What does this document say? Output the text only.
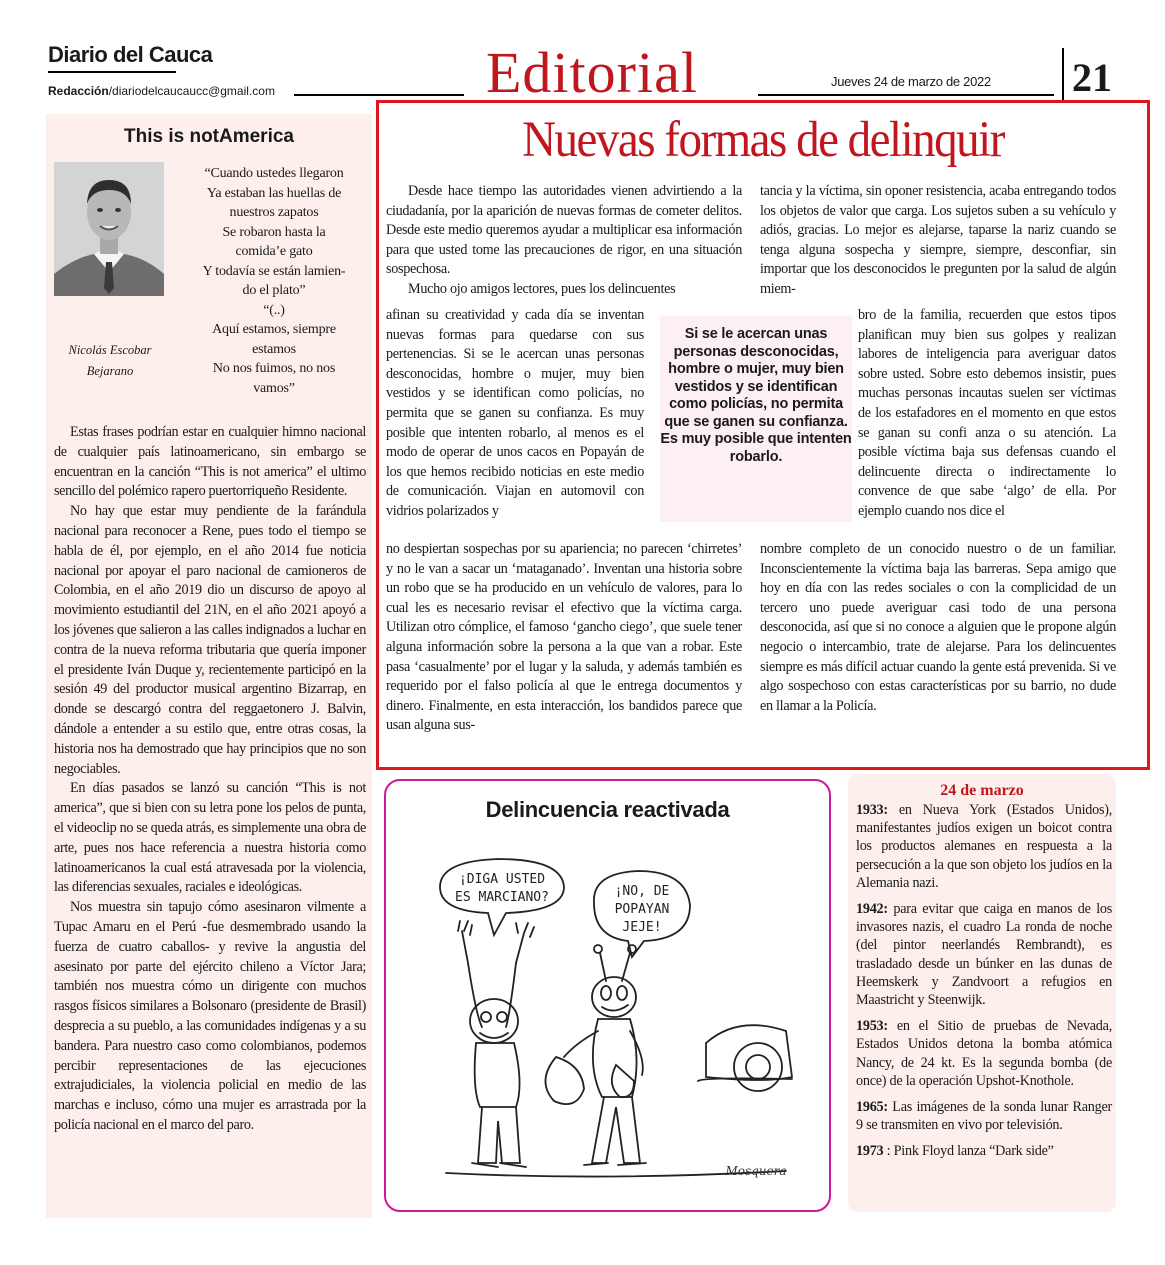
Diario del Cauca
Redacción/diariodelcaucaucc@gmail.com	Editorial	Jueves 24 de marzo de 2022 21
This is notAmerica
Nicolás Escobar
Bejarano
“Cuando ustedes llegaron
Ya estaban las huellas de
nuestros zapatos
Se robaron hasta la
comida’e gato
Y todavía se están lamien-
do el plato”
“(..)
Aquí estamos, siempre
estamos
No nos fuimos, no nos
vamos”

Estas frases podrían estar en cualquier himno nacional de cualquier país latinoamericano, sin embargo se encuentran en la canción “This is not america” el ultimo sencillo del polémico rapero puertorriqueño Residente.

No hay que estar muy pendiente de la farándula nacional para reconocer a Rene, pues todo el tiempo se habla de él, por ejemplo, en el año 2014 fue noticia nacional por apoyar el paro nacional de camioneros de Colombia, en el año 2019 dio un discurso de apoyo al movimiento estudiantil del 21N, en el año 2021 apoyó a los jóvenes que salieron a las calles indignados a luchar en contra de la nueva reforma tributaria que quería imponer el presidente Iván Duque y, recientemente participó en la sesión 49 del productor musical argentino Bizarrap, en donde se descargó contra del reggaetonero J. Balvin, dándole a entender a su estilo que, entre otras cosas, la historia nos ha demostrado que hay principios que no son negociables.

En días pasados se lanzó su canción “This is not america”, que si bien con su letra pone los pelos de punta, el videoclip no se queda atrás, es simplemente una obra de arte, pues nos hace referencia a nuestra historia como latinoamericanos la cual está atravesada por la violencia, las diferencias sexuales, raciales e ideológicas.

Nos muestra sin tapujo cómo asesinaron vilmente a Tupac Amaru en el Perú -fue desmembrado usando la fuerza de cuatro caballos- y revive la angustia del asesinato por parte del ejército chileno a Víctor Jara; también nos muestra cómo un dirigente con muchos rasgos físicos similares a Bolsonaro (presidente de Brasil) desprecia a su pueblo, a las comunidades indígenas y a su bandera. Para nuestro caso como colombianos, podemos percibir representaciones de las ejecuciones extrajudiciales, la violencia policial en medio de las marchas e incluso, cómo una mujer es arrastrada por la policía nacional en el marco del paro.

Nuevas formas de delinquir

Desde hace tiempo las autoridades vienen advirtiendo a la ciudadanía, por la aparición de nuevas formas de cometer delitos. Desde este medio queremos ayudar a multiplicar esa información para que usted tome las precauciones de rigor, en una situación sospechosa.

Mucho ojo amigos lectores, pues los delincuentes

afinan su creatividad y cada día se inventan nuevas formas para quedarse con sus pertenencias. Si se le acercan unas personas desconocidas, hombre o mujer, muy bien vestidos y se identifican como policías, no permita que se ganen su confianza. Es muy posible que intenten robarlo, al menos es el modo de operar de unos cacos en Popayán de los que hemos recibido noticias en este medio de comunicación. Viajan en automovil con vidrios polarizados y

no despiertan sospechas por su apariencia; no parecen ‘chirretes’ y no le van a sacar un ‘mataganado’. Inventan una historia sobre un robo que se ha producido en un vehículo de valores, para lo cual les es necesario revisar el efectivo que la víctima carga. Utilizan otro cómplice, el famoso ‘gancho ciego’, que suele tener alguna información sobre la persona a la que van a robar. Este pasa ‘casualmente’ por el lugar y la saluda, y además también es requerido por el falso policía al que le entrega documentos y dinero. Finalmente, en esta interacción, los bandidos parece que usan alguna sus-

tancia y la víctima, sin oponer resistencia, acaba entregando todos los objetos de valor que carga. Los sujetos suben a su vehículo y adiós, gracias. Lo mejor es alejarse, taparse la nariz cuando se tenga alguna sospecha y siempre, siempre, desconfiar, sin importar que los desconocidos le pregunten por la salud de algún miem-

bro de la familia, recuerden que estos tipos planifican muy bien sus golpes y realizan labores de inteligencia para averiguar datos sobre usted. Sobre esto debemos insistir, pues muchas personas incautas suelen ser víctimas de los estafadores en el momento en que estos se ganan su confi anza o su atención. La posible víctima baja sus defensas cuando el delincuente directa o indirectamente lo convence de que sabe ‘algo’ de ella. Por ejemplo cuando nos dice el

nombre completo de un conocido nuestro o de un familiar. Inconscientemente la víctima baja las barreras. Sepa amigo que hoy en día con las redes sociales o con la complicidad de un tercero uno puede averiguar casi todo de una persona desconocida, así que si no conoce a alguien que le propone algún negocio o intercambio, trate de alejarse. Para los delincuentes siempre es más difícil actuar cuando la gente está prevenida. Si ve algo sospechoso con estas características por su barrio, no dude en llamar a la Policía.

Si se le acercan unas personas desconocidas, hombre o mujer, muy bien vestidos y se identifican como policías, no permita que se ganen su confianza. Es muy posible que intenten robarlo.
Delincuencia reactivada
¡DIGA USTED
ES MARCIANO?	¡NO, DE
POPAYAN
JEJE!
Mosquera
24 de marzo

1933: en Nueva York (Estados Unidos), manifestantes judíos exigen un boicot contra los productos alemanes en respuesta a la persecución a la que son objeto los judíos en la Alemania nazi.

1942: para evitar que caiga en manos de los invasores nazis, el cuadro La ronda de noche (del pintor neerlandés Rembrandt), es trasladado desde un búnker en las dunas de Heemskerk y Zandvoort a refugios en Maastricht y Steenwijk.

1953: en el Sitio de pruebas de Nevada, Estados Unidos detona la bomba atómica Nancy, de 24 kt. Es la segunda bomba (de once) de la operación Upshot-Knothole.

1965: Las imágenes de la sonda lunar Ranger 9 se transmiten en vivo por televisión.

1973 : Pink Floyd lanza “Dark side”
